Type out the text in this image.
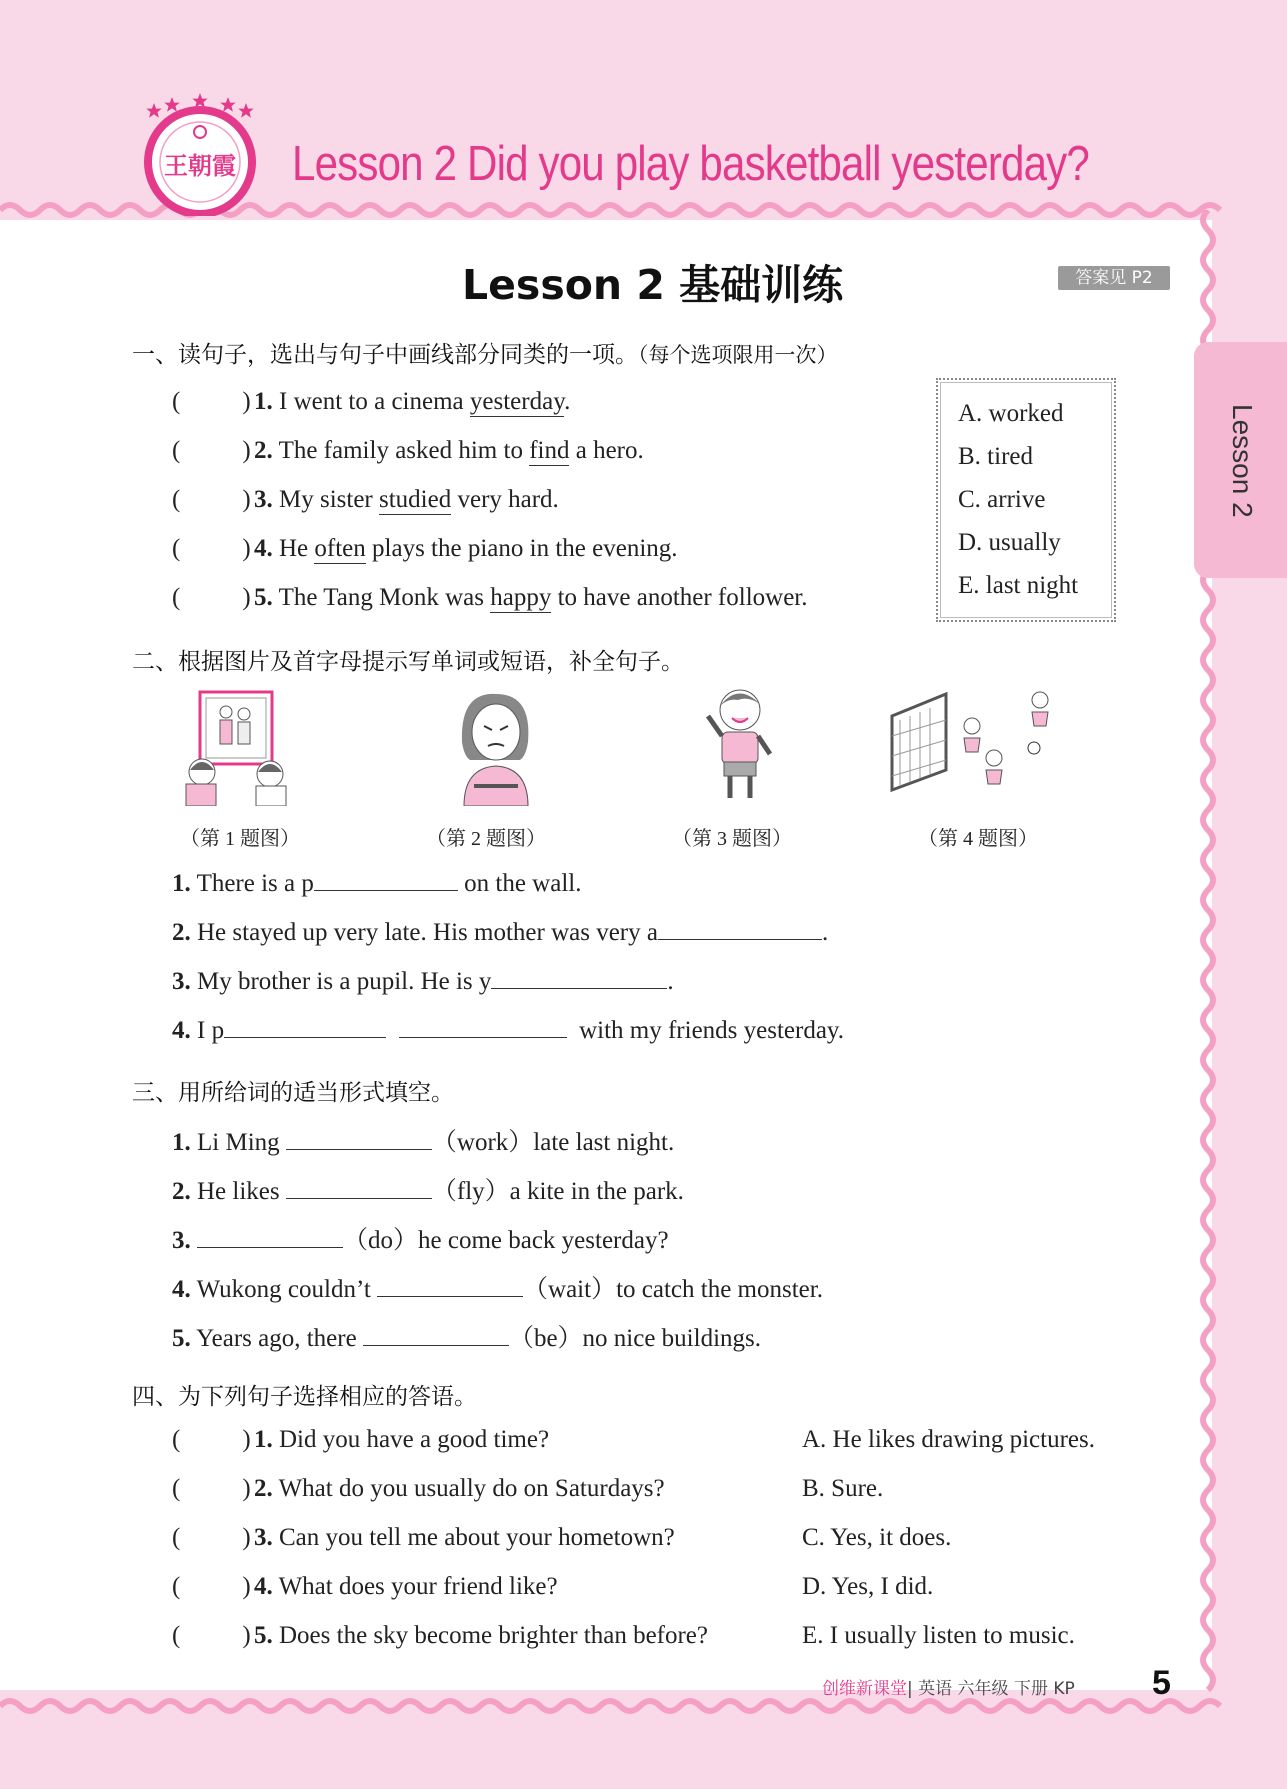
王朝霞 Lesson 2 Did you play basketball yesterday?
Lesson 2 基础训练	答案见 P2
Lesson 2
一、读句子，选出与句子中画线部分同类的一项。（每个选项限用一次）
( ) 1. I went to a cinema yesterday.
( ) 2. The family asked him to find a hero.
( ) 3. My sister studied very hard.
( ) 4. He often plays the piano in the evening.
( ) 5. The Tang Monk was happy to have another follower.
A. worked
B. tired
C. arrive
D. usually
E. last night
二、根据图片及首字母提示写单词或短语，补全句子。
（第 1 题图）	（第 2 题图）	（第 3 题图）	（第 4 题图）
1. There is a p	on the wall.
2. He stayed up very late. His mother was very a	.
3. My brother is a pupil. He is y	.
4. I p	with my friends yesterday.
三、用所给词的适当形式填空。
1. Li Ming	（work）late last night.
2. He likes	（fly）a kite in the park.
3.	（do）he come back yesterday?
4. Wukong couldn’t	（wait）to catch the monster.
5. Years ago, there	（be）no nice buildings.
四、为下列句子选择相应的答语。
( ) 1. Did you have a good time?	A. He likes drawing pictures.
( ) 2. What do you usually do on Saturdays?	B. Sure.
( ) 3. Can you tell me about your hometown?	C. Yes, it does.
( ) 4. What does your friend like?	D. Yes, I did.
( ) 5. Does the sky become brighter than before?	E. I usually listen to music.
创维新课堂| 英语 六年级 下册 KP 5
